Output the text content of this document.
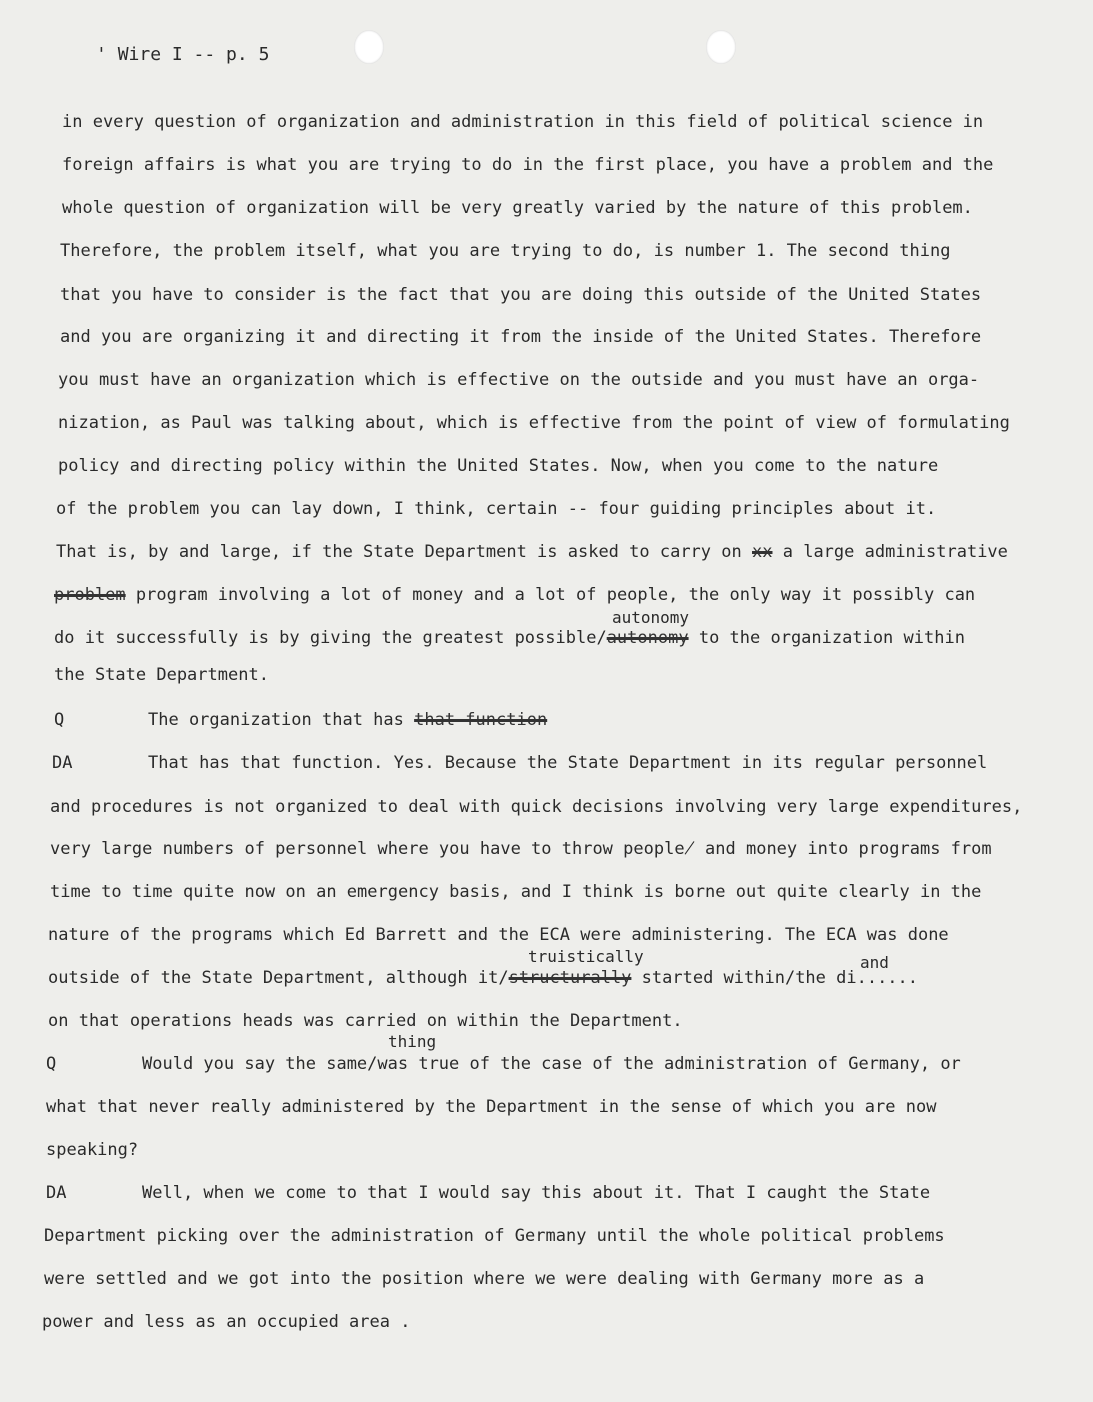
' Wire I -- p. 5
in every question of organization and administration in this field of political science in
foreign affairs is what you are trying to do in the first place, you have a problem and the
whole question of organization will be very greatly varied by the nature of this problem.
Therefore, the problem itself, what you are trying to do, is number 1. The second thing
that you have to consider is the fact that you are doing this outside of the United States
and you are organizing it and directing it from the inside of the United States. Therefore
you must have an organization which is effective on the outside and you must have an orga-
nization, as Paul was talking about, which is effective from the point of view of formulating
policy and directing policy within the United States. Now, when you come to the nature
of the problem you can lay down, I think, certain -- four guiding principles about it.
That is, by and large, if the State Department is asked to carry on xx a large administrative
problem program involving a lot of money and a lot of people, the only way it possibly can
autonomy
do it successfully is by giving the greatest possible/autonomy to the organization within
the State Department.
Q	The organization that has that function
DA	That has that function. Yes. Because the State Department in its regular personnel
and procedures is not organized to deal with quick decisions involving very large expenditures,
very large numbers of personnel where you have to throw people̸ and money into programs from
time to time quite now on an emergency basis, and I think is borne out quite clearly in the
nature of the programs which Ed Barrett and the ECA were administering. The ECA was done
truistically	and
outside of the State Department, although it/structurally started within/the di......
on that operations heads was carried on within the Department.
thing
Q	Would you say the same/was true of the case of the administration of Germany, or
what that never really administered by the Department in the sense of which you are now
speaking?
DA	Well, when we come to that I would say this about it. That I caught the State
Department picking over the administration of Germany until the whole political problems
were settled and we got into the position where we were dealing with Germany more as a
power and less as an occupied area .
